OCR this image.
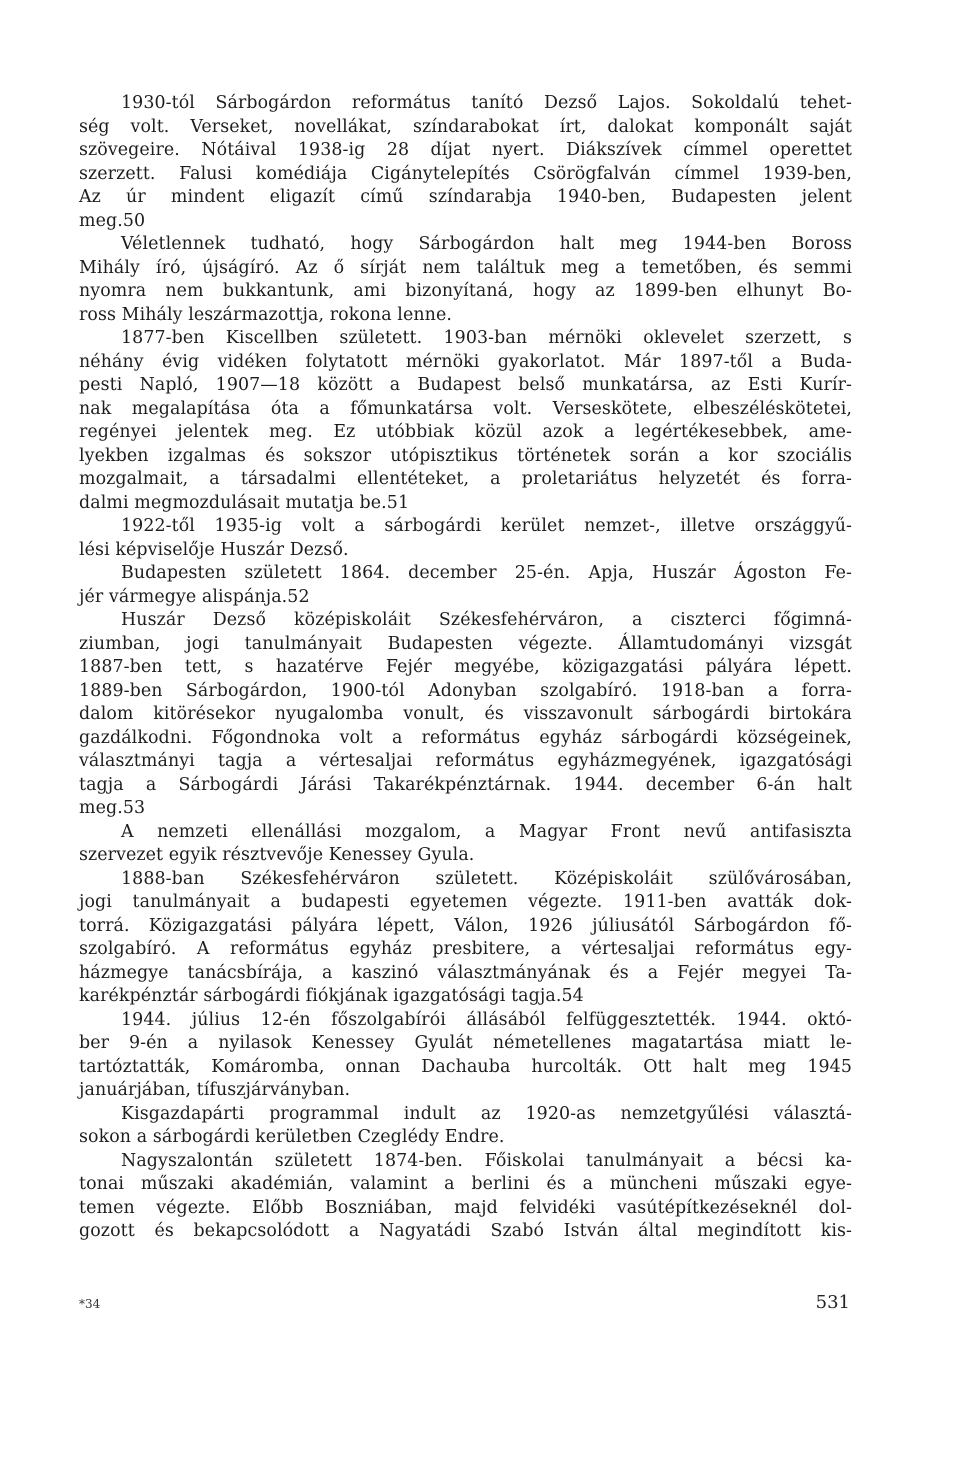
1930-tól Sárbogárdon református tanító Dezső Lajos. Sokoldalú tehet-
ség volt. Verseket, novellákat, színdarabokat írt, dalokat komponált saját
szövegeire. Nótáival 1938-ig 28 díjat nyert. Diákszívek címmel operettet
szerzett. Falusi komédiája Cigánytelepítés Csörögfalván címmel 1939-ben,
Az úr mindent eligazít című színdarabja 1940-ben, Budapesten jelent
meg.50
Véletlennek tudható, hogy Sárbogárdon halt meg 1944-ben Boross
Mihály író, újságíró. Az ő sírját nem találtuk meg a temetőben, és semmi
nyomra nem bukkantunk, ami bizonyítaná, hogy az 1899-ben elhunyt Bo-
ross Mihály leszármazottja, rokona lenne.
1877-ben Kiscellben született. 1903-ban mérnöki oklevelet szerzett, s
néhány évig vidéken folytatott mérnöki gyakorlatot. Már 1897-től a Buda-
pesti Napló, 1907—18 között a Budapest belső munkatársa, az Esti Kurír-
nak megalapítása óta a főmunkatársa volt. Verseskötete, elbeszéléskötetei,
regényei jelentek meg. Ez utóbbiak közül azok a legértékesebbek, ame-
lyekben izgalmas és sokszor utópisztikus történetek során a kor szociális
mozgalmait, a társadalmi ellentéteket, a proletariátus helyzetét és forra-
dalmi megmozdulásait mutatja be.51
1922-től 1935-ig volt a sárbogárdi kerület nemzet-, illetve országgyű-
lési képviselője Huszár Dezső.
Budapesten született 1864. december 25-én. Apja, Huszár Ágoston Fe-
jér vármegye alispánja.52
Huszár Dezső középiskoláit Székesfehérváron, a ciszterci főgimná-
ziumban, jogi tanulmányait Budapesten végezte. Államtudományi vizsgát
1887-ben tett, s hazatérve Fejér megyébe, közigazgatási pályára lépett.
1889-ben Sárbogárdon, 1900-tól Adonyban szolgabíró. 1918-ban a forra-
dalom kitörésekor nyugalomba vonult, és visszavonult sárbogárdi birtokára
gazdálkodni. Főgondnoka volt a református egyház sárbogárdi községeinek,
választmányi tagja a vértesaljai református egyházmegyének, igazgatósági
tagja a Sárbogárdi Járási Takarékpénztárnak. 1944. december 6-án halt
meg.53
A nemzeti ellenállási mozgalom, a Magyar Front nevű antifasiszta
szervezet egyik résztvevője Kenessey Gyula.
1888-ban Székesfehérváron született. Középiskoláit szülővárosában,
jogi tanulmányait a budapesti egyetemen végezte. 1911-ben avatták dok-
torrá. Közigazgatási pályára lépett, Válon, 1926 júliusától Sárbogárdon fő-
szolgabíró. A református egyház presbitere, a vértesaljai református egy-
házmegye tanácsbírája, a kaszinó választmányának és a Fejér megyei Ta-
karékpénztár sárbogárdi fiókjának igazgatósági tagja.54
1944. július 12-én főszolgabírói állásából felfüggesztették. 1944. októ-
ber 9-én a nyilasok Kenessey Gyulát németellenes magatartása miatt le-
tartóztatták, Komáromba, onnan Dachauba hurcolták. Ott halt meg 1945
januárjában, tífuszjárványban.
Kisgazdapárti programmal indult az 1920-as nemzetgyűlési választá-
sokon a sárbogárdi kerületben Czeglédy Endre.
Nagyszalontán született 1874-ben. Főiskolai tanulmányait a bécsi ka-
tonai műszaki akadémián, valamint a berlini és a müncheni műszaki egye-
temen végezte. Előbb Boszniában, majd felvidéki vasútépítkezéseknél dol-
gozott és bekapcsolódott a Nagyatádi Szabó István által megindított kis-
*34	531
